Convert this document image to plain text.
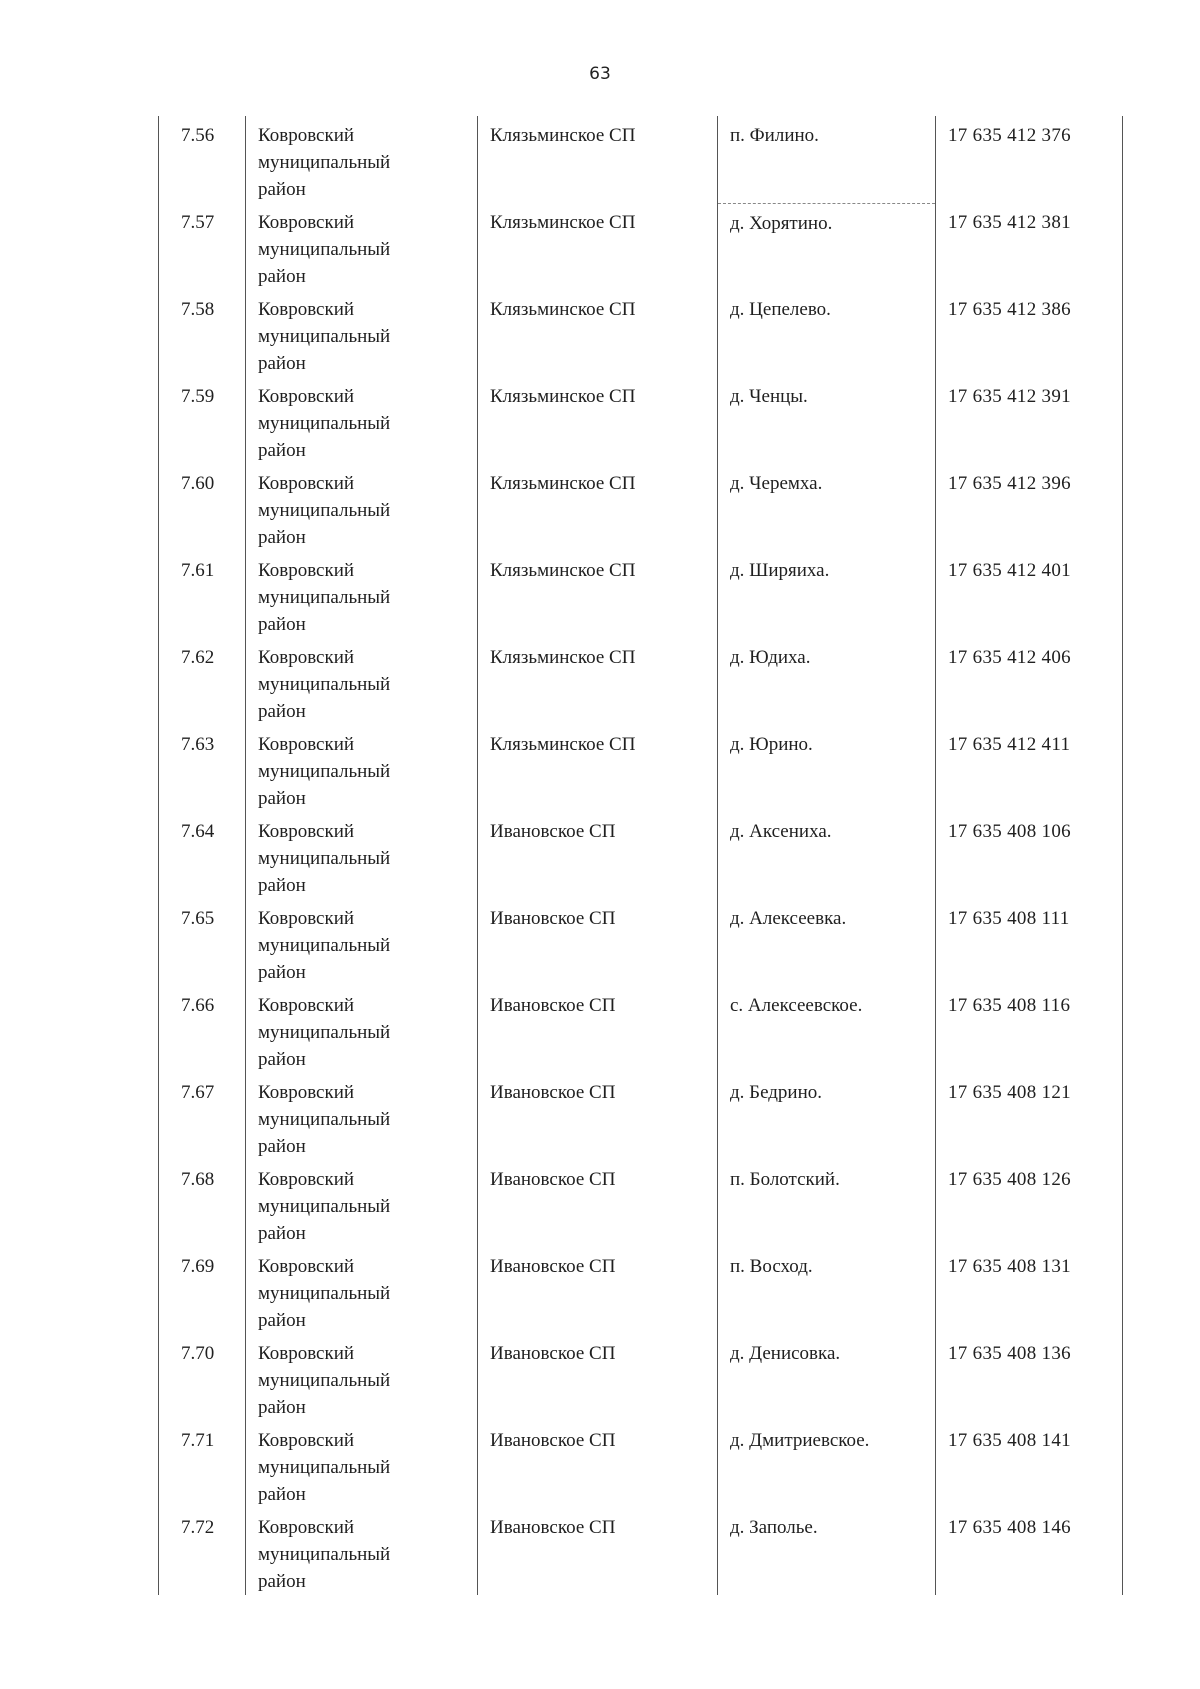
63
7.56	Ковровский муниципальный район	Клязьминское СП	п. Филино.	17 635 412 376
7.57	Ковровский муниципальный район	Клязьминское СП	д. Хорятино.	17 635 412 381
7.58	Ковровский муниципальный район	Клязьминское СП	д. Цепелево.	17 635 412 386
7.59	Ковровский муниципальный район	Клязьминское СП	д. Ченцы.	17 635 412 391
7.60	Ковровский муниципальный район	Клязьминское СП	д. Черемха.	17 635 412 396
7.61	Ковровский муниципальный район	Клязьминское СП	д. Ширяиха.	17 635 412 401
7.62	Ковровский муниципальный район	Клязьминское СП	д. Юдиха.	17 635 412 406
7.63	Ковровский муниципальный район	Клязьминское СП	д. Юрино.	17 635 412 411
7.64	Ковровский муниципальный район	Ивановское СП	д. Аксениха.	17 635 408 106
7.65	Ковровский муниципальный район	Ивановское СП	д. Алексеевка.	17 635 408 111
7.66	Ковровский муниципальный район	Ивановское СП	с. Алексеевское.	17 635 408 116
7.67	Ковровский муниципальный район	Ивановское СП	д. Бедрино.	17 635 408 121
7.68	Ковровский муниципальный район	Ивановское СП	п. Болотский.	17 635 408 126
7.69	Ковровский муниципальный район	Ивановское СП	п. Восход.	17 635 408 131
7.70	Ковровский муниципальный район	Ивановское СП	д. Денисовка.	17 635 408 136
7.71	Ковровский муниципальный район	Ивановское СП	д. Дмитриевское.	17 635 408 141
7.72	Ковровский муниципальный район	Ивановское СП	д. Заполье.	17 635 408 146
